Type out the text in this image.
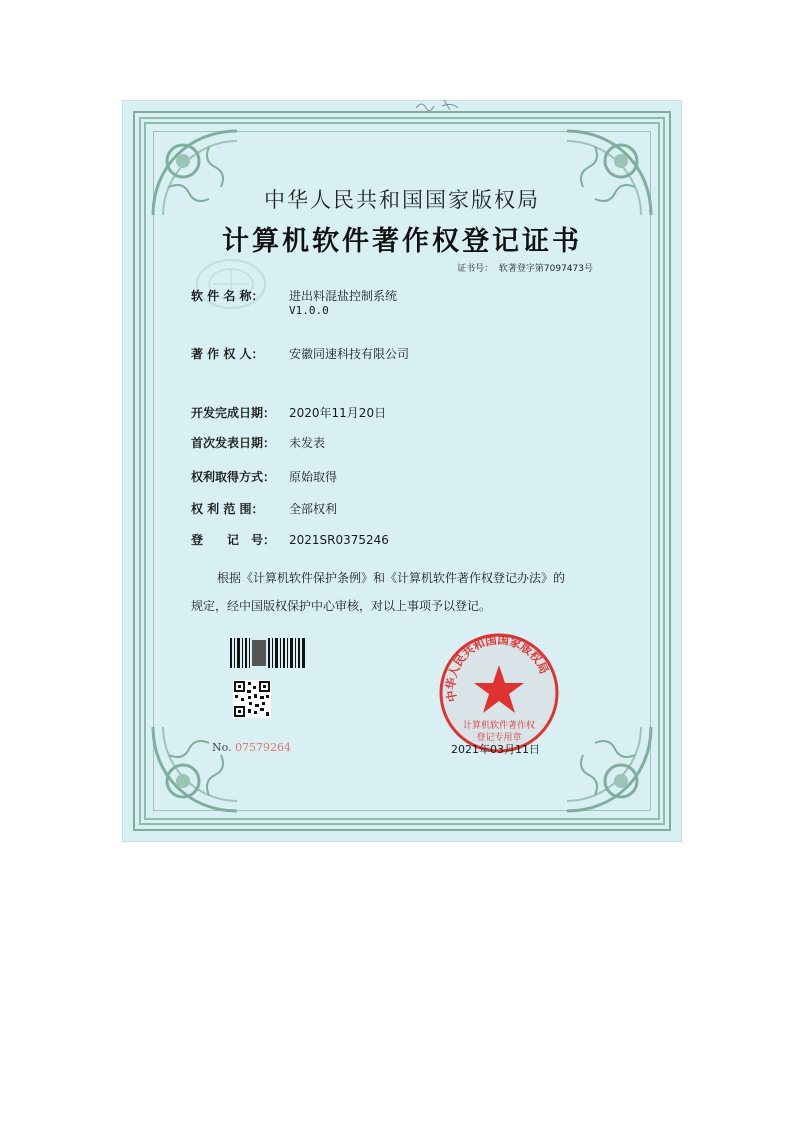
中华人民共和国国家版权局
计算机软件著作权登记证书
证书号： 软著登字第7097473号
软 件 名 称： 进出料混盐控制系统
V1.0.0
著 作 权 人： 安徽同速科技有限公司
开发完成日期： 2020年11月20日
首次发表日期： 未发表
权利取得方式： 原始取得
权 利 范 围： 全部权利
登　　记　号： 2021SR0375246
根据《计算机软件保护条例》和《计算机软件著作权登记办法》的
规定，经中国版权保护中心审核，对以上事项予以登记。
No. 07579264
中华人民共和国国家版权局
计算机软件著作权
登记专用章
2021年03月11日
